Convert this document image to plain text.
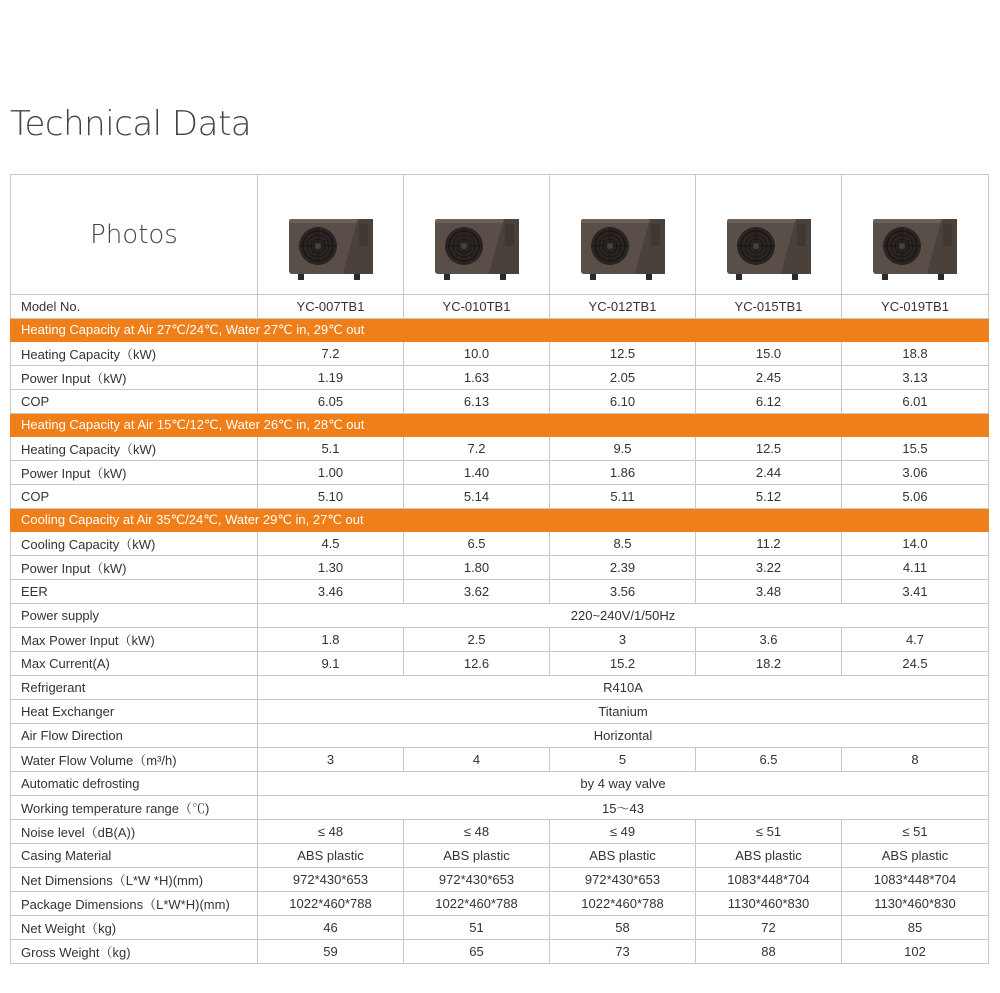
Technical Data
Photos	

Model No.	YC-007TB1	YC-010TB1	YC-012TB1	YC-015TB1	YC-019TB1
Heating Capacity at Air 27℃/24℃, Water 27℃ in, 29℃ out					
Heating Capacity（kW)	7.2	10.0	12.5	15.0	18.8
Power Input（kW)	1.19	1.63	2.05	2.45	3.13
COP	6.05	6.13	6.10	6.12	6.01
Heating Capacity at Air 15℃/12℃, Water 26℃ in, 28℃ out					
Heating Capacity（kW)	5.1	7.2	9.5	12.5	15.5
Power Input（kW)	1.00	1.40	1.86	2.44	3.06
COP	5.10	5.14	5.11	5.12	5.06
Cooling Capacity at Air 35℃/24℃, Water 29℃ in, 27℃ out					
Cooling Capacity（kW)	4.5	6.5	8.5	11.2	14.0
Power Input（kW)	1.30	1.80	2.39	3.22	4.11
EER	3.46	3.62	3.56	3.48	3.41
Power supply	220~240V/1/50Hz				
Max Power Input（kW)	1.8	2.5	3	3.6	4.7
Max Current(A)	9.1	12.6	15.2	18.2	24.5
Refrigerant	R410A				
Heat Exchanger	Titanium				
Air Flow Direction	Horizontal				
Water Flow Volume（m³/h)	3	4	5	6.5	8
Automatic defrosting	by 4 way valve				
Working temperature range（℃)	15～43				
Noise level（dB(A))	≤ 48	≤ 48	≤ 49	≤ 51	≤ 51
Casing Material	ABS plastic	ABS plastic	ABS plastic	ABS plastic	ABS plastic
Net Dimensions（L*W *H)(mm)	972*430*653	972*430*653	972*430*653	1083*448*704	1083*448*704
Package Dimensions（L*W*H)(mm)	1022*460*788	1022*460*788	1022*460*788	1130*460*830	1130*460*830
Net Weight（kg)	46	51	58	72	85
Gross Weight（kg)	59	65	73	88	102
